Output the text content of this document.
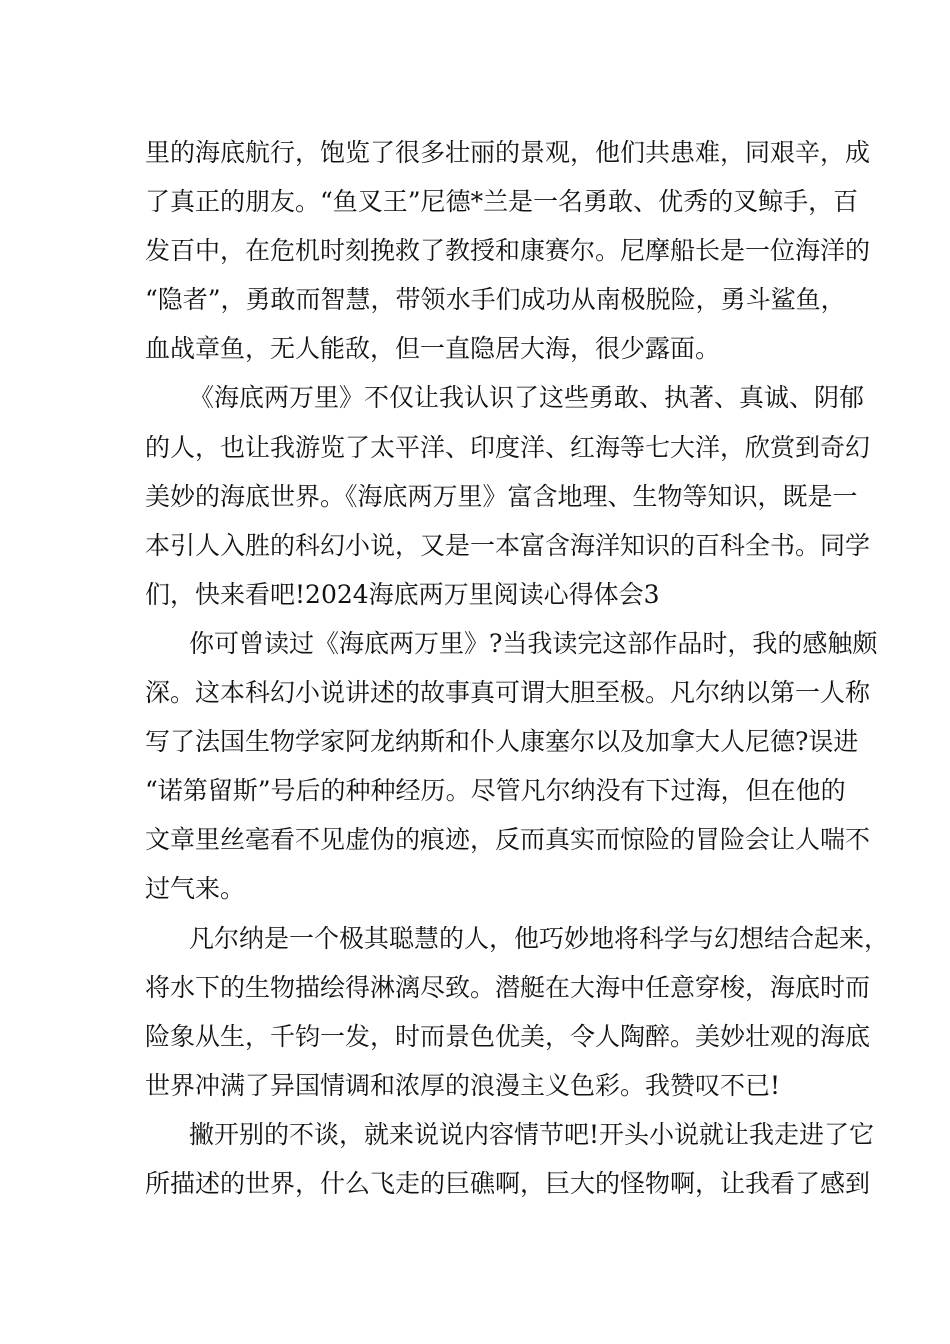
里的海底航行，饱览了很多壮丽的景观，他们共患难，同艰辛，成
了真正的朋友。“鱼叉王”尼德*兰是一名勇敢、优秀的叉鲸手，百
发百中，在危机时刻挽救了教授和康赛尔。尼摩船长是一位海洋的
“隐者”，勇敢而智慧，带领水手们成功从南极脱险，勇斗鲨鱼，
血战章鱼，无人能敌，但一直隐居大海，很少露面。
《海底两万里》不仅让我认识了这些勇敢、执著、真诚、阴郁
的人，也让我游览了太平洋、印度洋、红海等七大洋，欣赏到奇幻
美妙的海底世界。《海底两万里》富含地理、生物等知识，既是一
本引人入胜的科幻小说，又是一本富含海洋知识的百科全书。同学
们，快来看吧!2024海底两万里阅读心得体会3
你可曾读过《海底两万里》?当我读完这部作品时，我的感触颇
深。这本科幻小说讲述的故事真可谓大胆至极。凡尔纳以第一人称
写了法国生物学家阿龙纳斯和仆人康塞尔以及加拿大人尼德?误进
“诺第留斯”号后的种种经历。尽管凡尔纳没有下过海，但在他的
文章里丝毫看不见虚伪的痕迹，反而真实而惊险的冒险会让人喘不
过气来。
凡尔纳是一个极其聪慧的人，他巧妙地将科学与幻想结合起来，
将水下的生物描绘得淋漓尽致。潜艇在大海中任意穿梭，海底时而
险象从生，千钧一发，时而景色优美，令人陶醉。美妙壮观的海底
世界冲满了异国情调和浓厚的浪漫主义色彩。我赞叹不已!
撇开别的不谈，就来说说内容情节吧!开头小说就让我走进了它
所描述的世界，什么飞走的巨礁啊，巨大的怪物啊，让我看了感到
